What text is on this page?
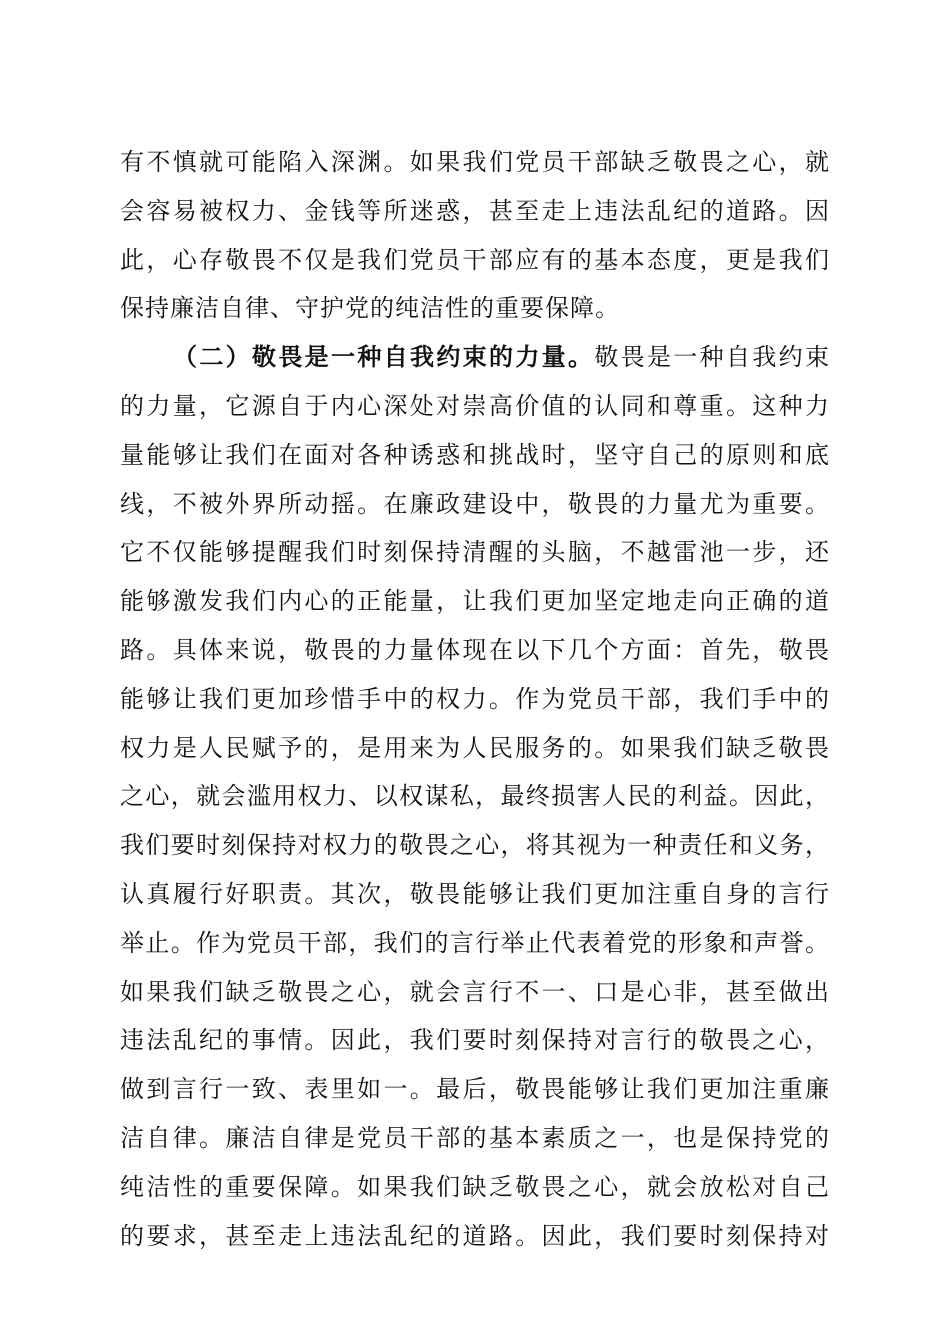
有不慎就可能陷入深渊。如果我们党员干部缺乏敬畏之心，就
会容易被权力、金钱等所迷惑，甚至走上违法乱纪的道路。因
此，心存敬畏不仅是我们党员干部应有的基本态度，更是我们
保持廉洁自律、守护党的纯洁性的重要保障。
（二）敬畏是一种自我约束的力量。敬畏是一种自我约束
的力量，它源自于内心深处对崇高价值的认同和尊重。这种力
量能够让我们在面对各种诱惑和挑战时，坚守自己的原则和底
线，不被外界所动摇。在廉政建设中，敬畏的力量尤为重要。
它不仅能够提醒我们时刻保持清醒的头脑，不越雷池一步，还
能够激发我们内心的正能量，让我们更加坚定地走向正确的道
路。具体来说，敬畏的力量体现在以下几个方面：首先，敬畏
能够让我们更加珍惜手中的权力。作为党员干部，我们手中的
权力是人民赋予的，是用来为人民服务的。如果我们缺乏敬畏
之心，就会滥用权力、以权谋私，最终损害人民的利益。因此，
我们要时刻保持对权力的敬畏之心，将其视为一种责任和义务，
认真履行好职责。其次，敬畏能够让我们更加注重自身的言行
举止。作为党员干部，我们的言行举止代表着党的形象和声誉。
如果我们缺乏敬畏之心，就会言行不一、口是心非，甚至做出
违法乱纪的事情。因此，我们要时刻保持对言行的敬畏之心，
做到言行一致、表里如一。最后，敬畏能够让我们更加注重廉
洁自律。廉洁自律是党员干部的基本素质之一，也是保持党的
纯洁性的重要保障。如果我们缺乏敬畏之心，就会放松对自己
的要求，甚至走上违法乱纪的道路。因此，我们要时刻保持对
